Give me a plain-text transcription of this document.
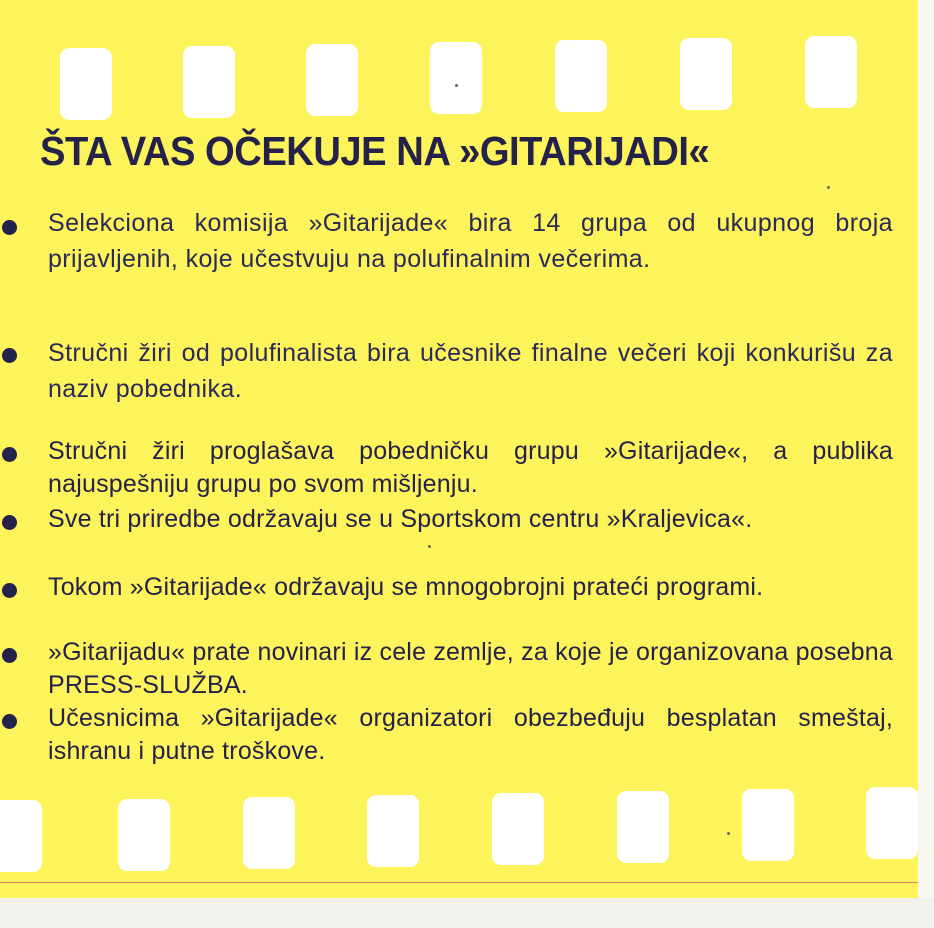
ŠTA VAS OČEKUJE NA »GITARIJADI«

Selekciona komisija »Gitarijade« bira 14 grupa od ukupnog broja prijavljenih, koje učestvuju na polufinalnim večerima.

Stručni žiri od polufinalista bira učesnike finalne večeri koji konkurišu za naziv pobednika.

Stručni žiri proglašava pobedničku grupu »Gitarijade«, a publika najuspešniju grupu po svom mišljenju.

Sve tri priredbe održavaju se u Sportskom centru »Kraljevica«.

Tokom »Gitarijade« održavaju se mnogobrojni prateći programi.

»Gitarijadu« prate novinari iz cele zemlje, za koje je organizovana posebna PRESS-SLUŽBA.

Učesnicima »Gitarijade« organizatori obezbeđuju besplatan smeštaj, ishranu i putne troškove.
